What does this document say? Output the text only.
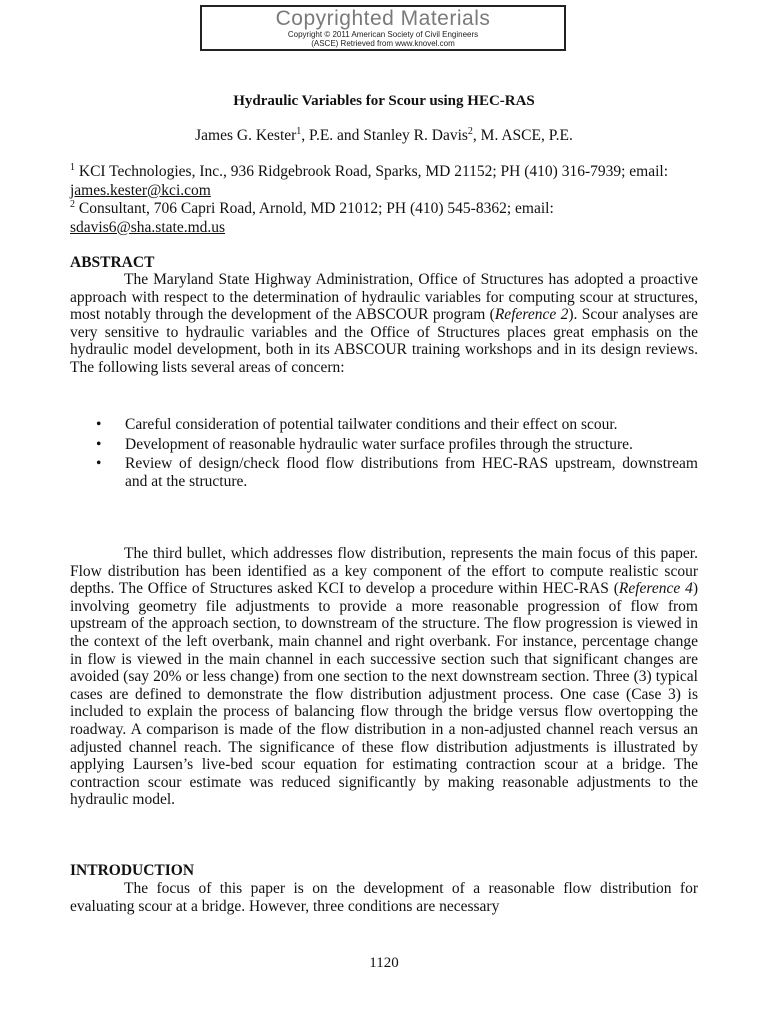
Copyrighted Materials
Copyright © 2011 American Society of Civil Engineers
(ASCE) Retrieved from www.knovel.com
Hydraulic Variables for Scour using HEC-RAS
James G. Kester$^1$, P.E. and Stanley R. Davis$^2$, M. ASCE, P.E.
$^1$ KCI Technologies, Inc., 936 Ridgebrook Road, Sparks, MD 21152; PH (410) 316-7939; email: james.kester@kci.com
$^2$ Consultant, 706 Capri Road, Arnold, MD 21012; PH (410) 545-8362; email: sdavis6@sha.state.md.us
ABSTRACT
The Maryland State Highway Administration, Office of Structures has adopted a proactive approach with respect to the determination of hydraulic variables for computing scour at structures, most notably through the development of the ABSCOUR program (Reference 2). Scour analyses are very sensitive to hydraulic variables and the Office of Structures places great emphasis on the hydraulic model development, both in its ABSCOUR training workshops and in its design reviews. The following lists several areas of concern:
• Careful consideration of potential tailwater conditions and their effect on scour.
• Development of reasonable hydraulic water surface profiles through the structure.
• Review of design/check flood flow distributions from HEC-RAS upstream, downstream and at the structure.
The third bullet, which addresses flow distribution, represents the main focus of this paper. Flow distribution has been identified as a key component of the effort to compute realistic scour depths. The Office of Structures asked KCI to develop a procedure within HEC-RAS (Reference 4) involving geometry file adjustments to provide a more reasonable progression of flow from upstream of the approach section, to downstream of the structure. The flow progression is viewed in the context of the left overbank, main channel and right overbank. For instance, percentage change in flow is viewed in the main channel in each successive section such that significant changes are avoided (say 20% or less change) from one section to the next downstream section. Three (3) typical cases are defined to demonstrate the flow distribution adjustment process. One case (Case 3) is included to explain the process of balancing flow through the bridge versus flow overtopping the roadway. A comparison is made of the flow distribution in a non-adjusted channel reach versus an adjusted channel reach. The significance of these flow distribution adjustments is illustrated by applying Laursen’s live-bed scour equation for estimating contraction scour at a bridge. The contraction scour estimate was reduced significantly by making reasonable adjustments to the hydraulic model.
INTRODUCTION
The focus of this paper is on the development of a reasonable flow distribution for evaluating scour at a bridge. However, three conditions are necessary
1120
